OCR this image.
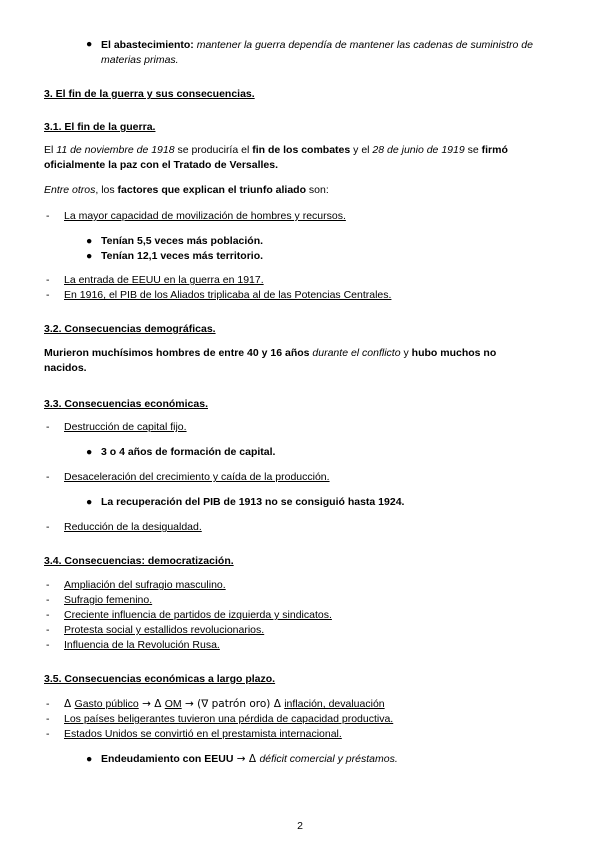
● El abastecimiento: mantener la guerra dependía de mantener las cadenas de suministro de
materias primas.
3. El fin de la guerra y sus consecuencias.
3.1. El fin de la guerra.
El 11 de noviembre de 1918 se produciría el fin de los combates y el 28 de junio de 1919 se firmó
oficialmente la paz con el Tratado de Versalles.
Entre otros, los factores que explican el triunfo aliado son:
-	La mayor capacidad de movilización de hombres y recursos.
● Tenían 5,5 veces más población.
● Tenían 12,1 veces más territorio.
-	La entrada de EEUU en la guerra en 1917.
-	En 1916, el PIB de los Aliados triplicaba al de las Potencias Centrales.
3.2. Consecuencias demográficas.
Murieron muchísimos hombres de entre 40 y 16 años durante el conflicto y hubo muchos no
nacidos.
3.3. Consecuencias económicas.
-	Destrucción de capital fijo.
● 3 o 4 años de formación de capital.
-	Desaceleración del crecimiento y caída de la producción.
● La recuperación del PIB de 1913 no se consiguió hasta 1924.
-	Reducción de la desigualdad.
3.4. Consecuencias: democratización.
-	Ampliación del sufragio masculino.
-	Sufragio femenino.
-	Creciente influencia de partidos de izquierda y sindicatos.
-	Protesta social y estallidos revolucionarios.
-	Influencia de la Revolución Rusa.
3.5. Consecuencias económicas a largo plazo.
-	Δ Gasto público → Δ OM → (∇ patrón oro) Δ inflación, devaluación
-	Los países beligerantes tuvieron una pérdida de capacidad productiva.
-	Estados Unidos se convirtió en el prestamista internacional.
● Endeudamiento con EEUU → Δ déficit comercial y préstamos.
2
